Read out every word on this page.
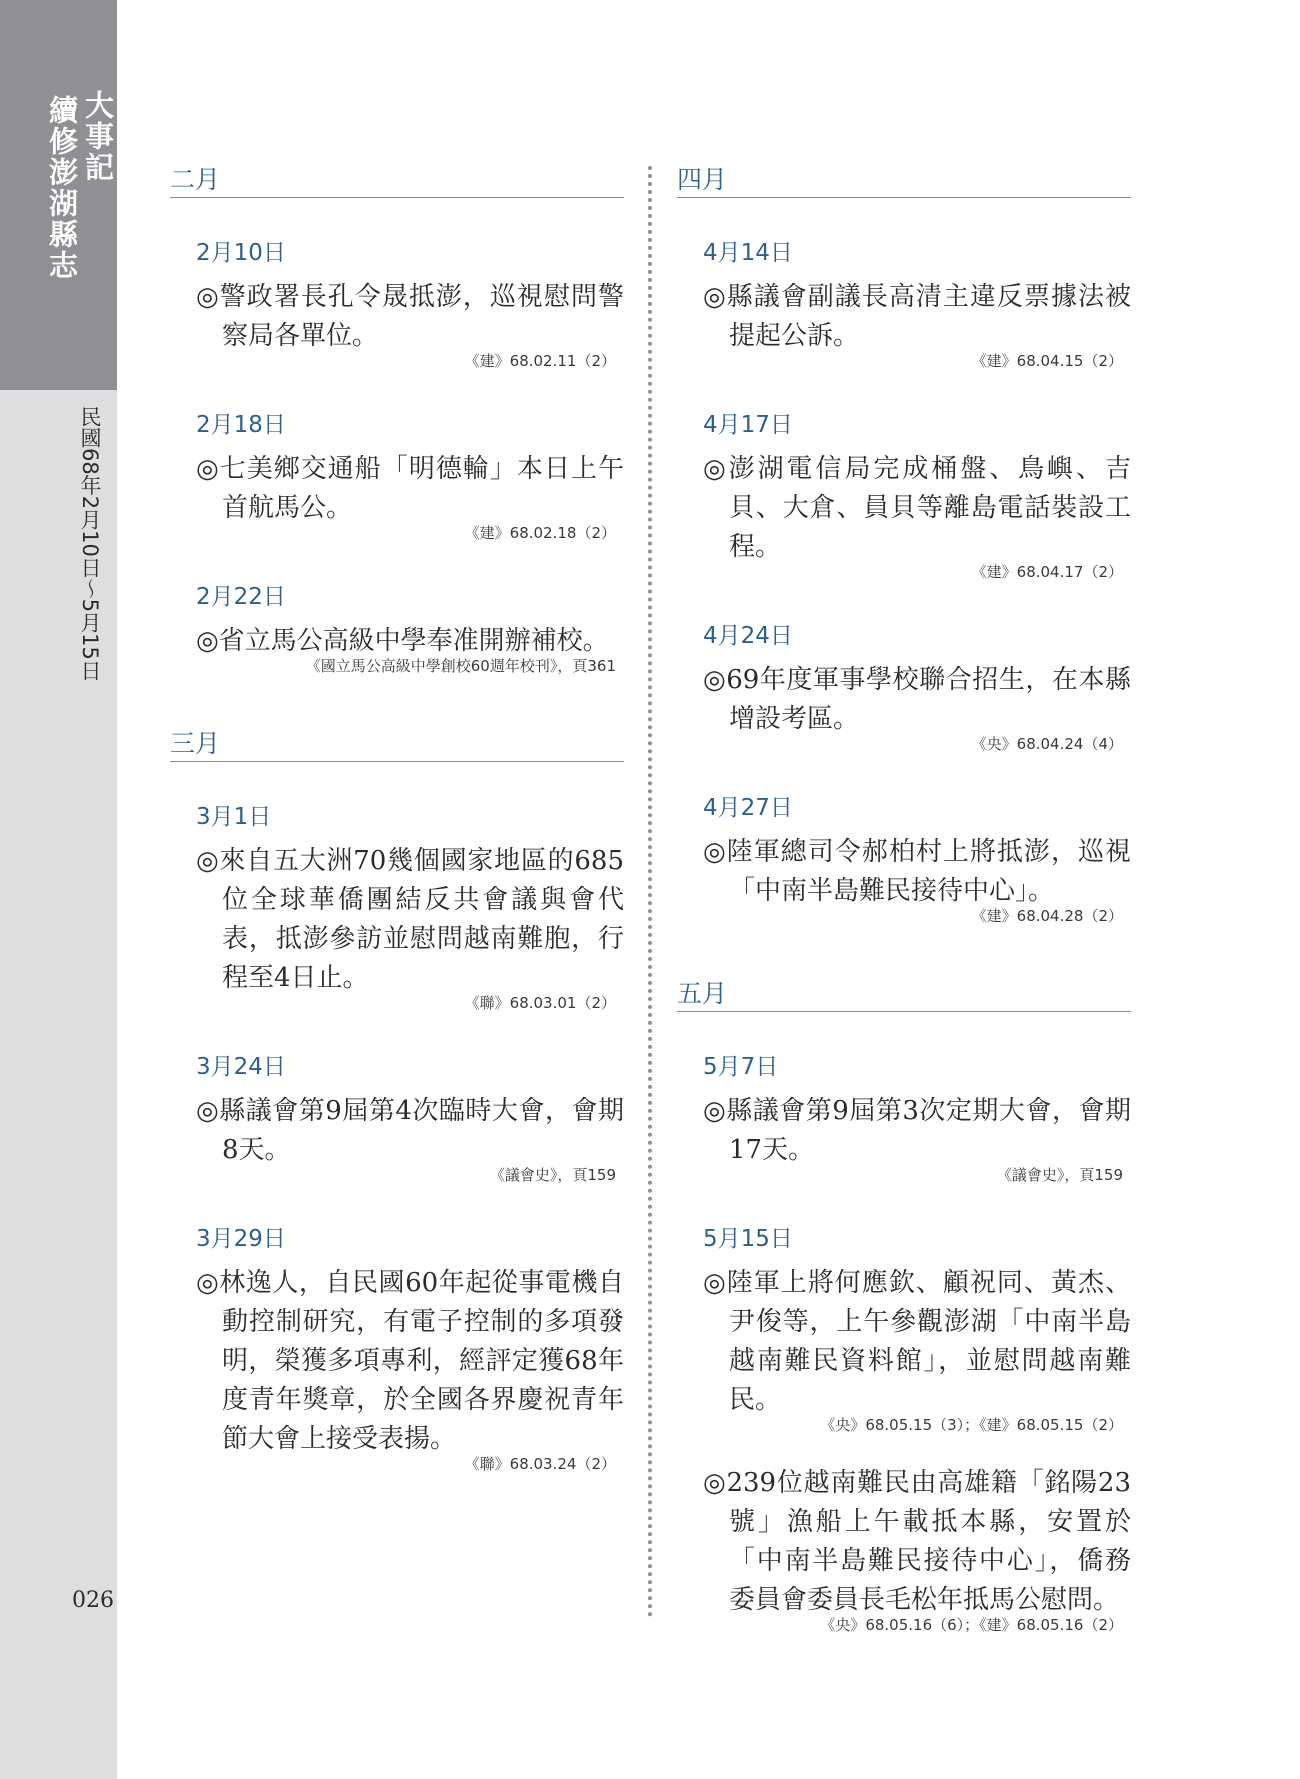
續修澎湖縣志 大事記
民國68年2月10日〜5月15日
026
二月
2月10日
◎警政署長孔令晟抵澎，巡視慰問警察局各單位。
《建》68.02.11（2）
2月18日
◎七美鄉交通船「明德輪」本日上午首航馬公。
《建》68.02.18（2）
2月22日
◎省立馬公高級中學奉准開辦補校。
《國立馬公高級中學創校60週年校刊》，頁361
三月
3月1日
◎來自五大洲70幾個國家地區的685位全球華僑團結反共會議與會代表，抵澎參訪並慰問越南難胞，行程至4日止。
《聯》68.03.01（2）
3月24日
◎縣議會第9屆第4次臨時大會，會期8天。
《議會史》，頁159
3月29日
◎林逸人，自民國60年起從事電機自動控制研究，有電子控制的多項發明，榮獲多項專利，經評定獲68年度青年獎章，於全國各界慶祝青年節大會上接受表揚。
《聯》68.03.24（2）
四月
4月14日
◎縣議會副議長高清主違反票據法被提起公訴。
《建》68.04.15（2）
4月17日
◎澎湖電信局完成桶盤、鳥嶼、吉貝、大倉、員貝等離島電話裝設工程。
《建》68.04.17（2）
4月24日
◎69年度軍事學校聯合招生，在本縣增設考區。
《央》68.04.24（4）
4月27日
◎陸軍總司令郝柏村上將抵澎，巡視「中南半島難民接待中心」。
《建》68.04.28（2）
五月
5月7日
◎縣議會第9屆第3次定期大會，會期17天。
《議會史》，頁159
5月15日
◎陸軍上將何應欽、顧祝同、黃杰、尹俊等，上午參觀澎湖「中南半島越南難民資料館」，並慰問越南難民。
《央》68.05.15（3）；《建》68.05.15（2）
◎239位越南難民由高雄籍「銘陽23號」漁船上午載抵本縣，安置於「中南半島難民接待中心」，僑務委員會委員長毛松年抵馬公慰問。
《央》68.05.16（6）；《建》68.05.16（2）
